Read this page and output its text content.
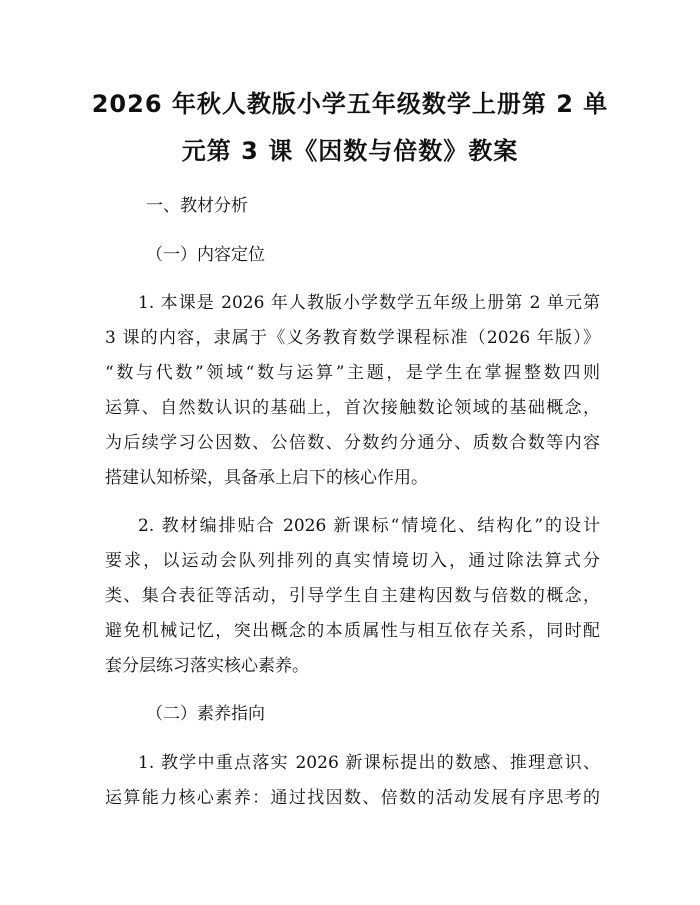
2026 年秋人教版小学五年级数学上册第 2 单
元第 3 课《因数与倍数》教案

一、教材分析

（一）内容定位

1. 本课是 2026 年人教版小学数学五年级上册第 2 单元第

3 课的内容，隶属于《义务教育数学课程标准（2026 年版）》

“数与代数”领域“数与运算”主题，是学生在掌握整数四则

运算、自然数认识的基础上，首次接触数论领域的基础概念，

为后续学习公因数、公倍数、分数约分通分、质数合数等内容

搭建认知桥梁，具备承上启下的核心作用。

2. 教材编排贴合 2026 新课标“情境化、结构化”的设计

要求，以运动会队列排列的真实情境切入，通过除法算式分

类、集合表征等活动，引导学生自主建构因数与倍数的概念，

避免机械记忆，突出概念的本质属性与相互依存关系，同时配

套分层练习落实核心素养。

（二）素养指向

1. 教学中重点落实 2026 新课标提出的数感、推理意识、

运算能力核心素养：通过找因数、倍数的活动发展有序思考的
